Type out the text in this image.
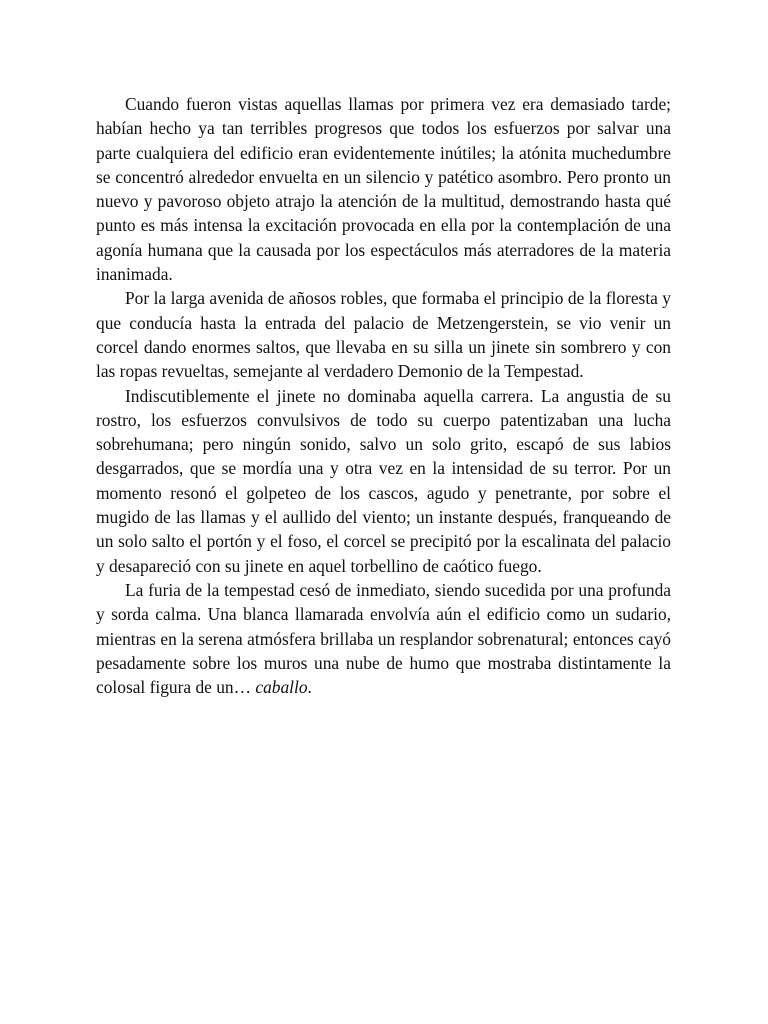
Cuando fueron vistas aquellas llamas por primera vez era demasiado tarde; habían hecho ya tan terribles progresos que todos los esfuerzos por salvar una parte cualquiera del edificio eran evidentemente inútiles; la atónita muchedumbre se concentró alrededor envuelta en un silencio y patético asombro. Pero pronto un nuevo y pavoroso objeto atrajo la atención de la multitud, demostrando hasta qué punto es más intensa la excitación provocada en ella por la contemplación de una agonía humana que la causada por los espectáculos más aterradores de la materia inanimada.

Por la larga avenida de añosos robles, que formaba el principio de la floresta y que conducía hasta la entrada del palacio de Metzengerstein, se vio venir un corcel dando enormes saltos, que llevaba en su silla un jinete sin sombrero y con las ropas revueltas, semejante al verdadero Demonio de la Tempestad.

Indiscutiblemente el jinete no dominaba aquella carrera. La angustia de su rostro, los esfuerzos convulsivos de todo su cuerpo patentizaban una lucha sobrehumana; pero ningún sonido, salvo un solo grito, escapó de sus labios desgarrados, que se mordía una y otra vez en la intensidad de su terror. Por un momento resonó el golpeteo de los cascos, agudo y penetrante, por sobre el mugido de las llamas y el aullido del viento; un instante después, franqueando de un solo salto el portón y el foso, el corcel se precipitó por la escalinata del palacio y desapareció con su jinete en aquel torbellino de caótico fuego.

La furia de la tempestad cesó de inmediato, siendo sucedida por una profunda y sorda calma. Una blanca llamarada envolvía aún el edificio como un sudario, mientras en la serena atmósfera brillaba un resplandor sobrenatural; entonces cayó pesadamente sobre los muros una nube de humo que mostraba distintamente la colosal figura de un… caballo.
